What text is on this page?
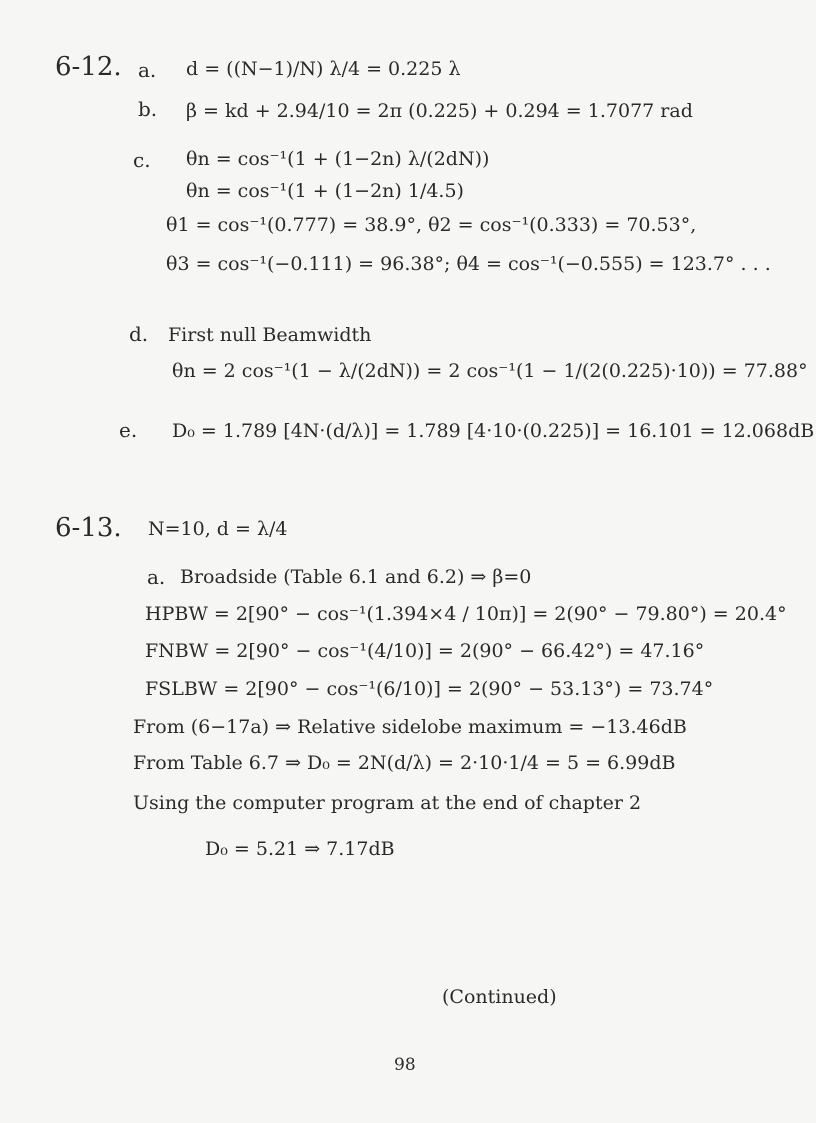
6-12. a. d = ((N−1)/N) λ/4 = 0.225 λ
b. β = kd + 2.94/10 = 2π (0.225) + 0.294 = 1.7077 rad
c. θn = cos⁻¹(1 + (1−2n) λ/(2dN))
θn = cos⁻¹(1 + (1−2n) 1/4.5)
θ1 = cos⁻¹(0.777) = 38.9°, θ2 = cos⁻¹(0.333) = 70.53°,
θ3 = cos⁻¹(−0.111) = 96.38°; θ4 = cos⁻¹(−0.555) = 123.7° . . .
d. First null Beamwidth
θn = 2 cos⁻¹(1 − λ/(2dN)) = 2 cos⁻¹(1 − 1/(2(0.225)·10)) = 77.88°
e. D₀ = 1.789 [4N·(d/λ)] = 1.789 [4·10·(0.225)] = 16.101 = 12.068dB
6-13. N=10, d = λ/4
a. Broadside (Table 6.1 and 6.2) ⇒ β=0
HPBW = 2[90° − cos⁻¹(1.394×4 / 10π)] = 2(90° − 79.80°) = 20.4°
FNBW = 2[90° − cos⁻¹(4/10)] = 2(90° − 66.42°) = 47.16°
FSLBW = 2[90° − cos⁻¹(6/10)] = 2(90° − 53.13°) = 73.74°
From (6−17a) ⇒ Relative sidelobe maximum = −13.46dB
From Table 6.7 ⇒ D₀ = 2N(d/λ) = 2·10·1/4 = 5 = 6.99dB
Using the computer program at the end of chapter 2
D₀ = 5.21 ⇒ 7.17dB
(Continued)
98
